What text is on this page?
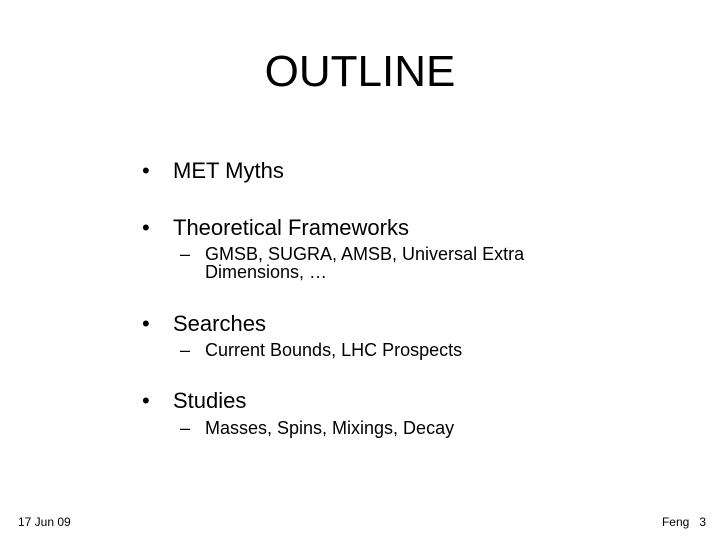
OUTLINE
• MET Myths
• Theoretical Frameworks
– GMSB, SUGRA, AMSB, Universal Extra Dimensions, …
• Searches
– Current Bounds, LHC Prospects
• Studies
– Masses, Spins, Mixings, Decay
17 Jun 09	Feng 3
